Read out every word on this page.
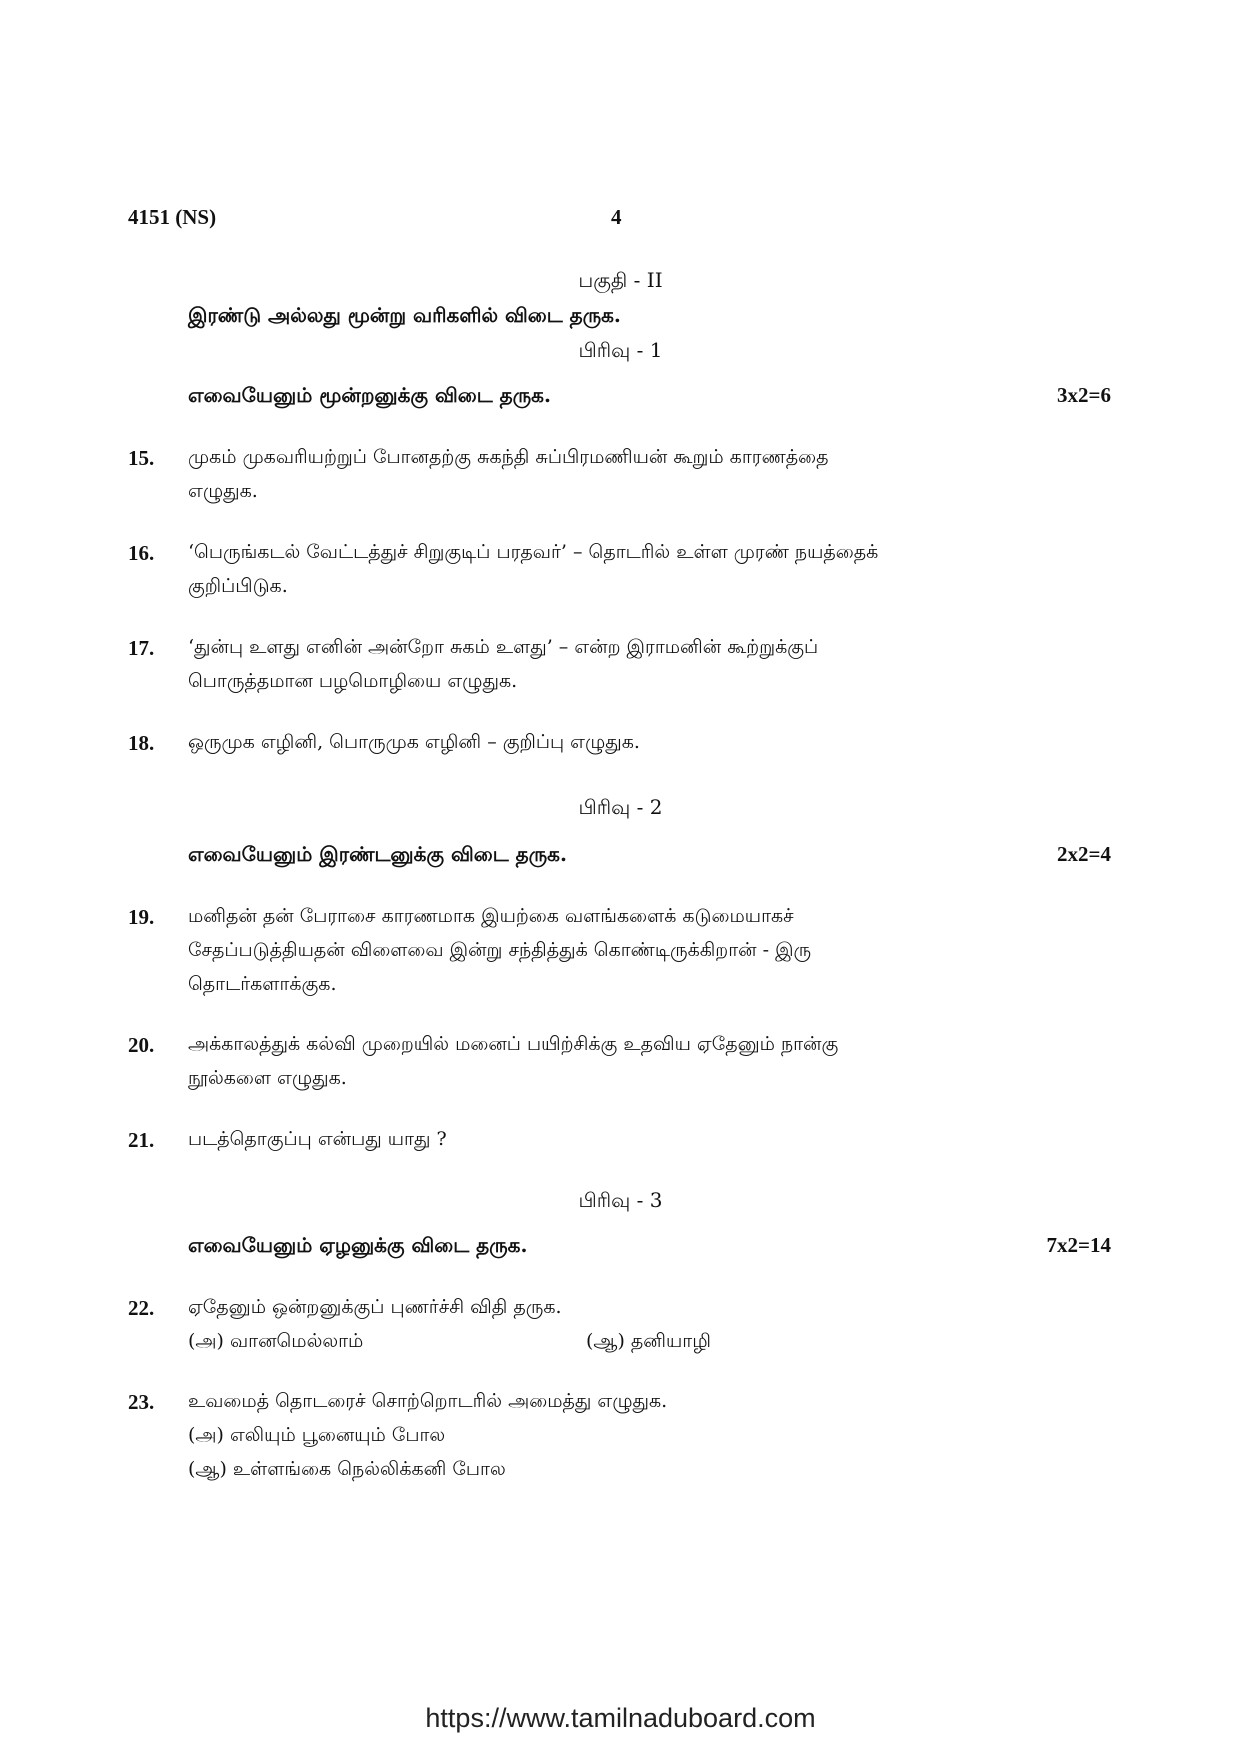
4151 (NS)	4
பகுதி - II
இரண்டு அல்லது மூன்று வரிகளில் விடை தருக.
பிரிவு - 1
எவையேனும் மூன்றனுக்கு விடை தருக.	3x2=6
15. முகம் முகவரியற்றுப் போனதற்கு சுகந்தி சுப்பிரமணியன் கூறும் காரணத்தை
எழுதுக.
16. ‘பெருங்கடல் வேட்டத்துச் சிறுகுடிப் பரதவர்’ – தொடரில் உள்ள முரண் நயத்தைக்
குறிப்பிடுக.
17. ‘துன்பு உளது எனின் அன்றோ சுகம் உளது’ – என்ற இராமனின் கூற்றுக்குப்
பொருத்தமான பழமொழியை எழுதுக.
18. ஒருமுக எழினி, பொருமுக எழினி – குறிப்பு எழுதுக.
பிரிவு - 2
எவையேனும் இரண்டனுக்கு விடை தருக.	2x2=4
19. மனிதன் தன் பேராசை காரணமாக இயற்கை வளங்களைக் கடுமையாகச்
சேதப்படுத்தியதன் விளைவை இன்று சந்தித்துக் கொண்டிருக்கிறான் - இரு
தொடர்களாக்குக.
20. அக்காலத்துக் கல்வி முறையில் மனைப் பயிற்சிக்கு உதவிய ஏதேனும் நான்கு
நூல்களை எழுதுக.
21. படத்தொகுப்பு என்பது யாது ?
பிரிவு - 3
எவையேனும் ஏழனுக்கு விடை தருக.	7x2=14
22. ஏதேனும் ஒன்றனுக்குப் புணர்ச்சி விதி தருக.
(அ) வானமெல்லாம்	(ஆ) தனியாழி
23. உவமைத் தொடரைச் சொற்றொடரில் அமைத்து எழுதுக.
(அ) எலியும் பூனையும் போல
(ஆ) உள்ளங்கை நெல்லிக்கனி போல
https://www.tamilnaduboard.com
